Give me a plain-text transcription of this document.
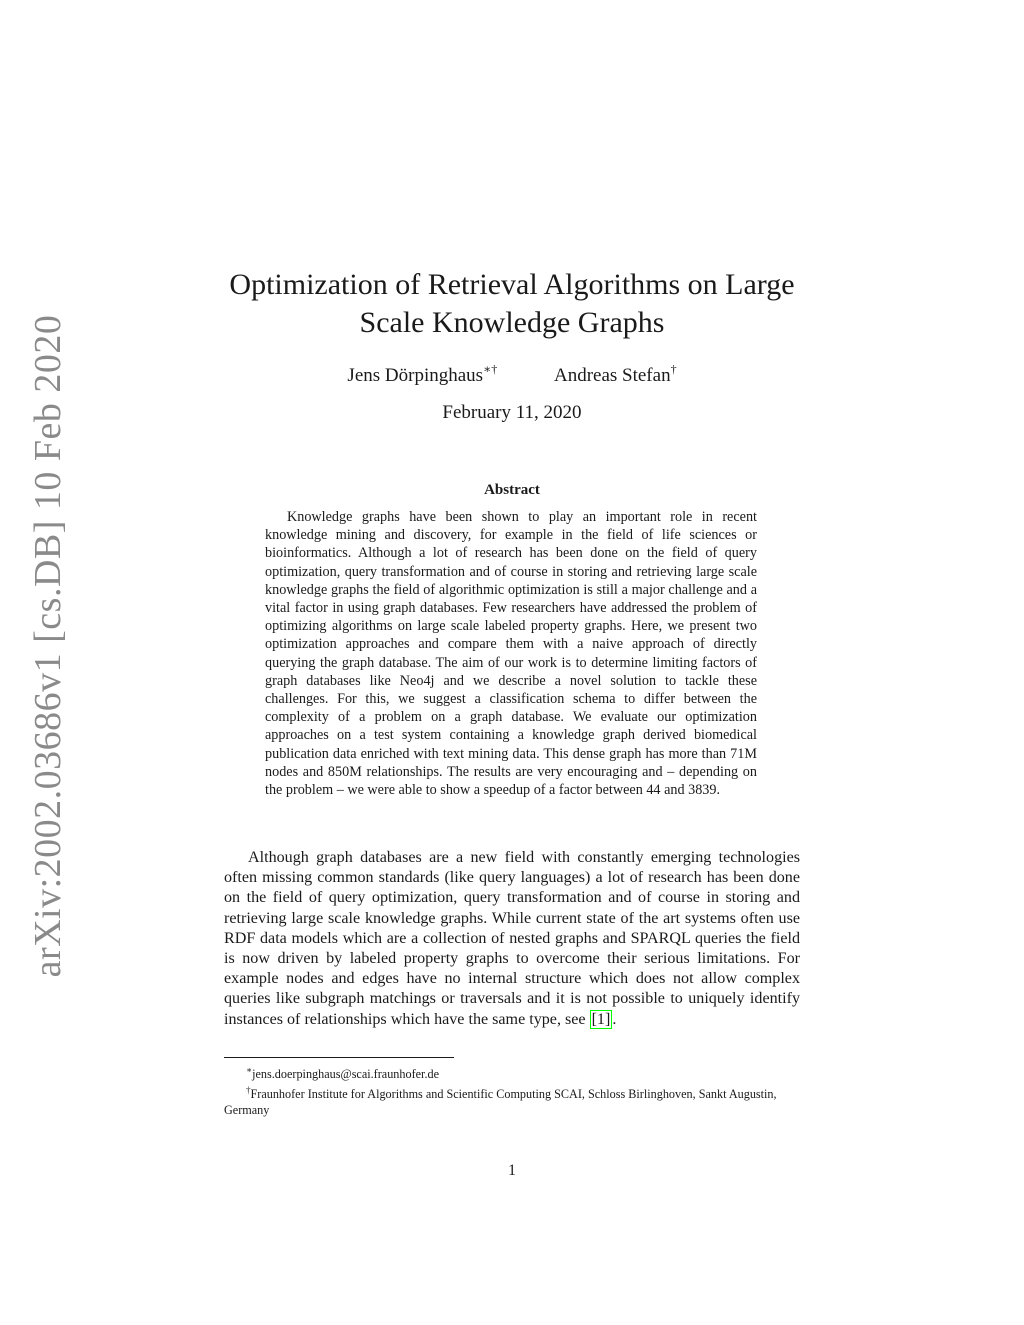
arXiv:2002.03686v1 [cs.DB] 10 Feb 2020
Optimization of Retrieval Algorithms on Large
Scale Knowledge Graphs
Jens Dörpinghaus∗†	Andreas Stefan†
February 11, 2020
Abstract

Knowledge graphs have been shown to play an important role in recent knowledge mining and discovery, for example in the field of life sciences or bioinformatics. Although a lot of research has been done on the field of query optimization, query transformation and of course in storing and retrieving large scale knowledge graphs the field of algorithmic optimization is still a major challenge and a vital factor in using graph databases. Few researchers have addressed the problem of optimizing algorithms on large scale labeled property graphs. Here, we present two optimization approaches and compare them with a naive approach of directly querying the graph database. The aim of our work is to determine limiting factors of graph databases like Neo4j and we describe a novel solution to tackle these challenges. For this, we suggest a classification schema to differ between the complexity of a problem on a graph database. We evaluate our optimization approaches on a test system containing a knowledge graph derived biomedical publication data enriched with text mining data. This dense graph has more than 71M nodes and 850M relationships. The results are very encouraging and – depending on the problem – we were able to show a speedup of a factor between 44 and 3839.

Although graph databases are a new field with constantly emerging technologies often missing common standards (like query languages) a lot of research has been done on the field of query optimization, query transformation and of course in storing and retrieving large scale knowledge graphs. While current state of the art systems often use RDF data models which are a collection of nested graphs and SPARQL queries the field is now driven by labeled property graphs to overcome their serious limitations. For example nodes and edges have no internal structure which does not allow complex queries like subgraph matchings or traversals and it is not possible to uniquely identify instances of relationships which have the same type, see [1] .

∗jens.doerpinghaus@scai.fraunhofer.de

†Fraunhofer Institute for Algorithms and Scientific Computing SCAI, Schloss Birlinghoven, Sankt Augustin, Germany

1
